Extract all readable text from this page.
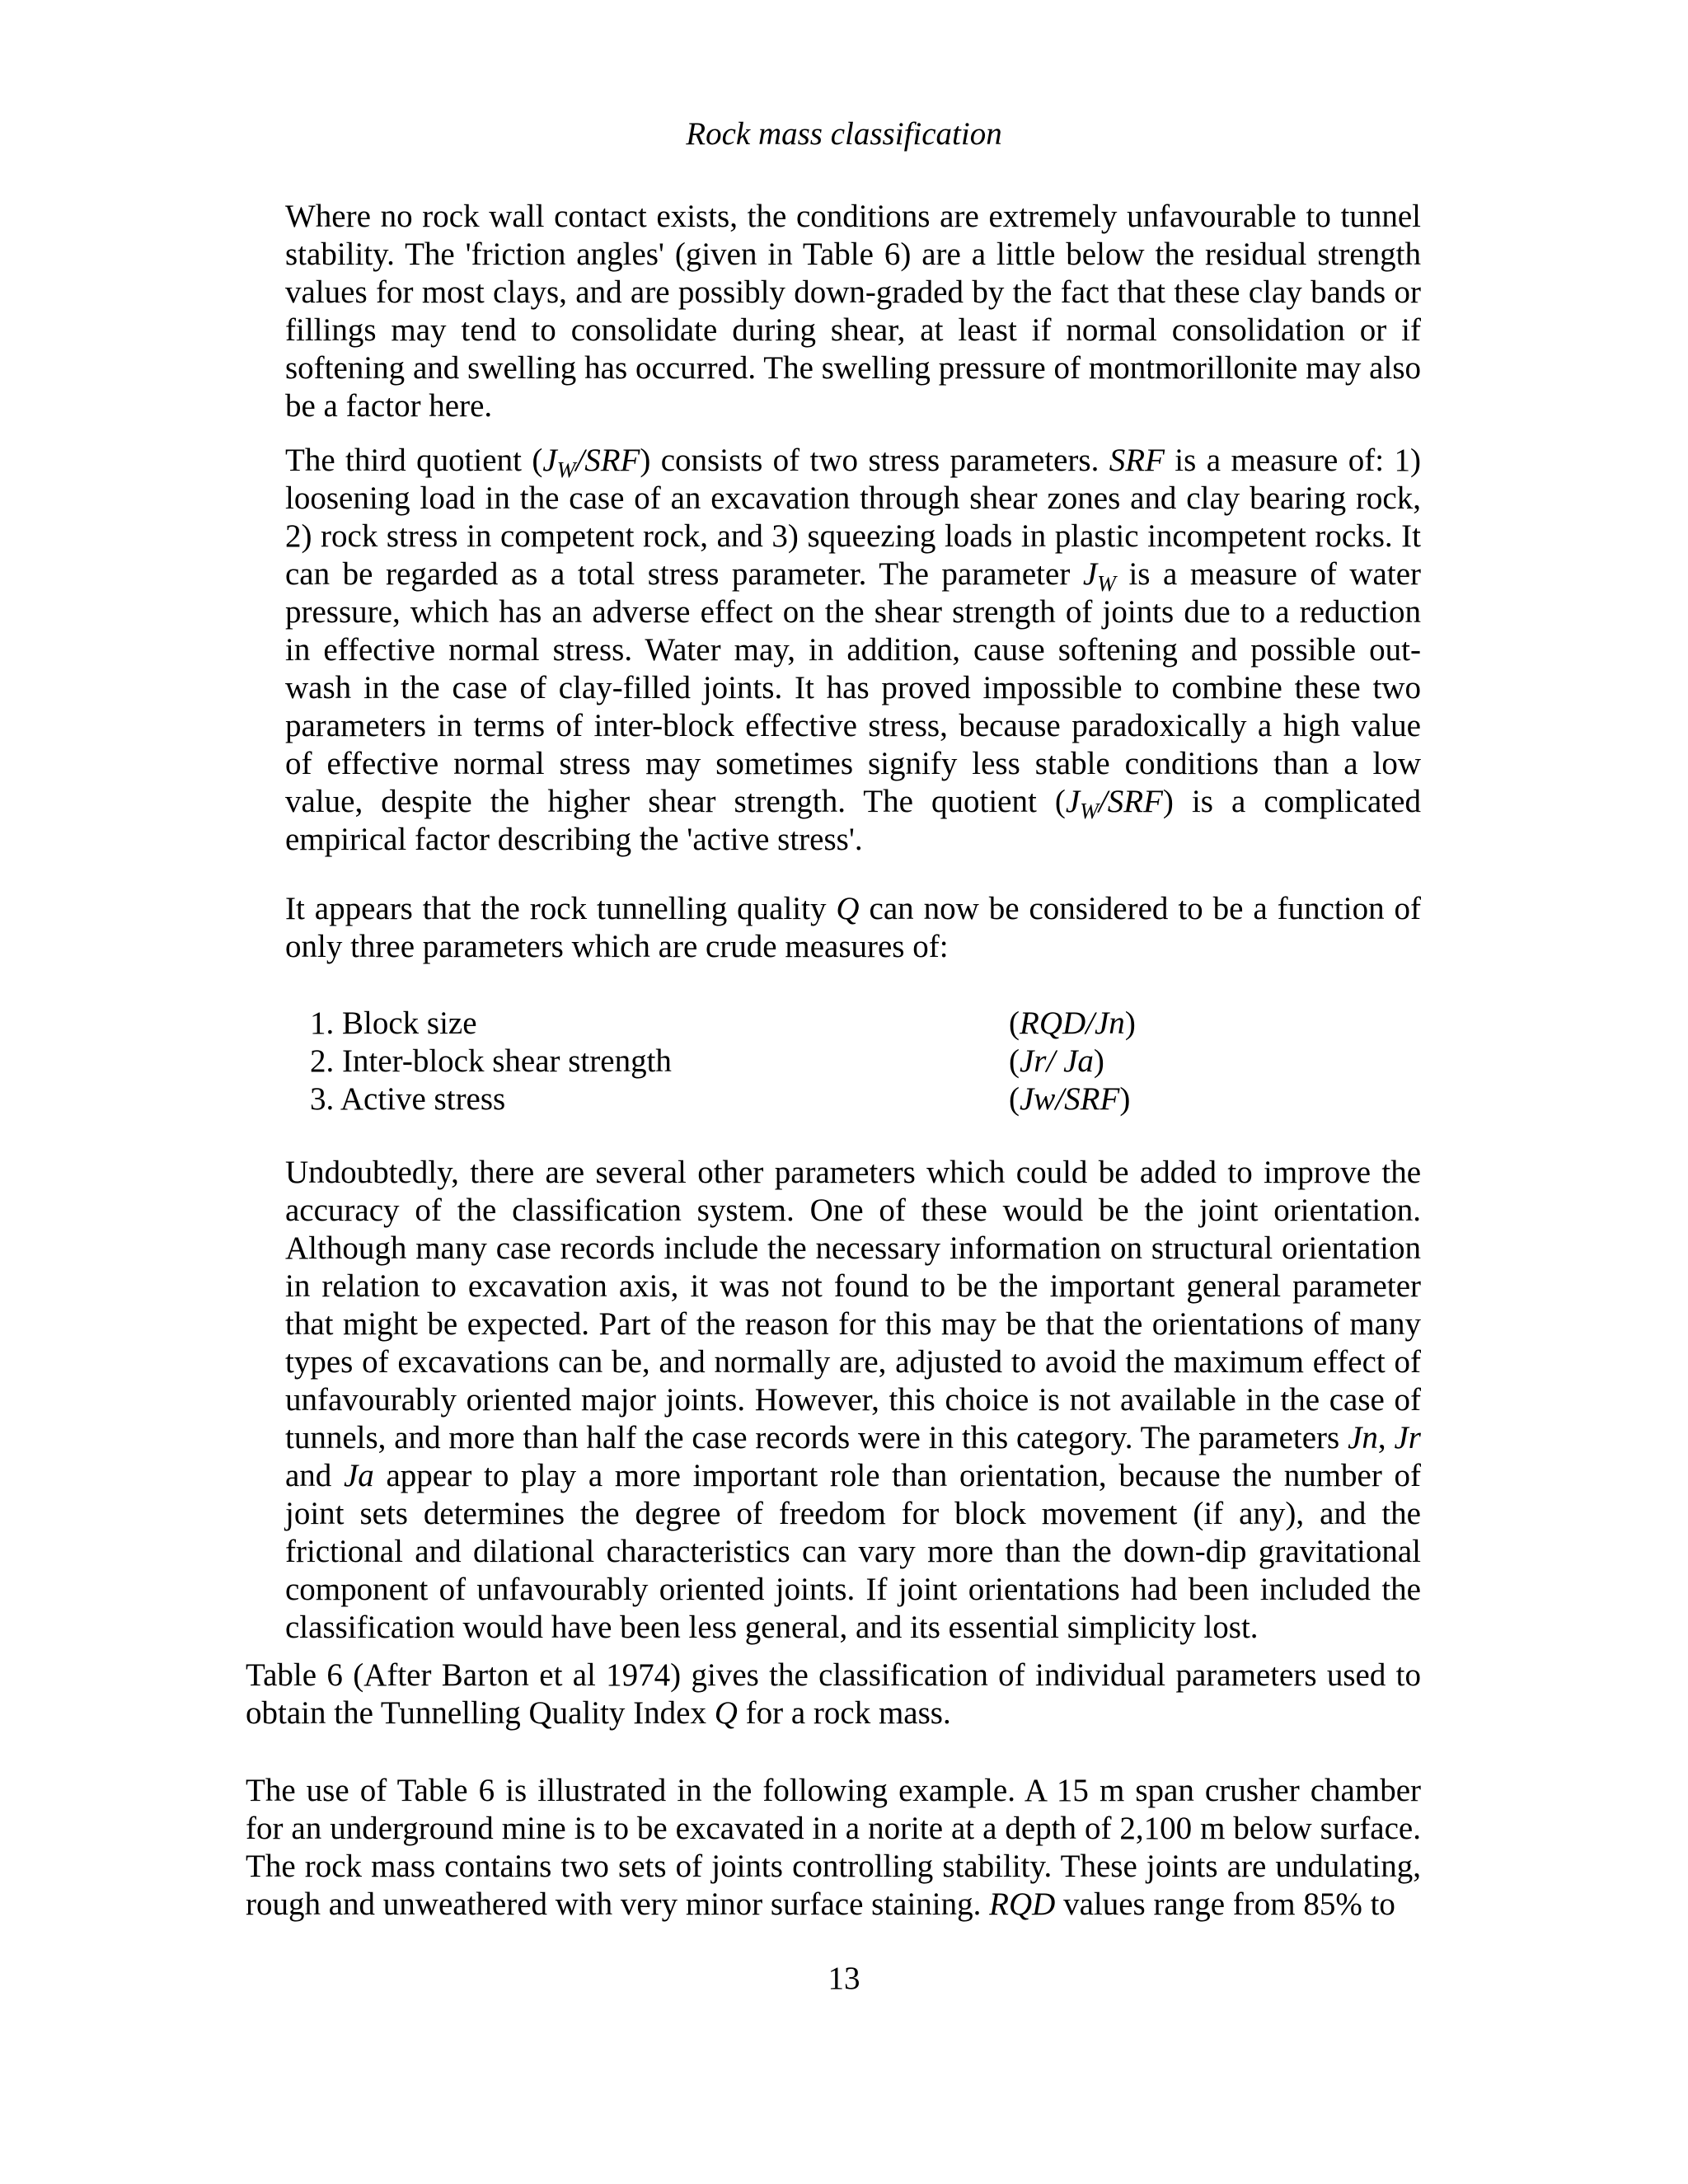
Rock mass classification

Where no rock wall contact exists, the conditions are extremely unfavourable to tunnel stability. The 'friction angles' (given in Table 6) are a little below the residual strength values for most clays, and are possibly down-graded by the fact that these clay bands or fillings may tend to consolidate during shear, at least if normal consolidation or if softening and swelling has occurred. The swelling pressure of montmorillonite may also be a factor here.

The third quotient $(J_W/SRF)$ consists of two stress parameters. SRF is a measure of: 1) loosening load in the case of an excavation through shear zones and clay bearing rock, 2) rock stress in competent rock, and 3) squeezing loads in plastic incompetent rocks. It can be regarded as a total stress parameter. The parameter $J_W$ is a measure of water pressure, which has an adverse effect on the shear strength of joints due to a reduction in effective normal stress. Water may, in addition, cause softening and possible out-wash in the case of clay-filled joints. It has proved impossible to combine these two parameters in terms of inter-block effective stress, because paradoxically a high value of effective normal stress may sometimes signify less stable conditions than a low value, despite the higher shear strength. The quotient $(J_W/SRF)$ is a complicated empirical factor describing the 'active stress'.

It appears that the rock tunnelling quality Q can now be considered to be a function of only three parameters which are crude measures of:

1. Block size	(RQD/Jn)
2. Inter-block shear strength	(Jr/ Ja)
3. Active stress	(Jw/SRF)

Undoubtedly, there are several other parameters which could be added to improve the accuracy of the classification system. One of these would be the joint orientation. Although many case records include the necessary information on structural orientation in relation to excavation axis, it was not found to be the important general parameter that might be expected. Part of the reason for this may be that the orientations of many types of excavations can be, and normally are, adjusted to avoid the maximum effect of unfavourably oriented major joints. However, this choice is not available in the case of tunnels, and more than half the case records were in this category. The parameters Jn, Jr and Ja appear to play a more important role than orientation, because the number of joint sets determines the degree of freedom for block movement (if any), and the frictional and dilational characteristics can vary more than the down-dip gravitational component of unfavourably oriented joints. If joint orientations had been included the classification would have been less general, and its essential simplicity lost.

Table 6 (After Barton et al 1974) gives the classification of individual parameters used to obtain the Tunnelling Quality Index Q for a rock mass.

The use of Table 6 is illustrated in the following example. A 15 m span crusher chamber for an underground mine is to be excavated in a norite at a depth of 2,100 m below surface. The rock mass contains two sets of joints controlling stability. These joints are undulating, rough and unweathered with very minor surface staining. RQD values range from 85% to

13
